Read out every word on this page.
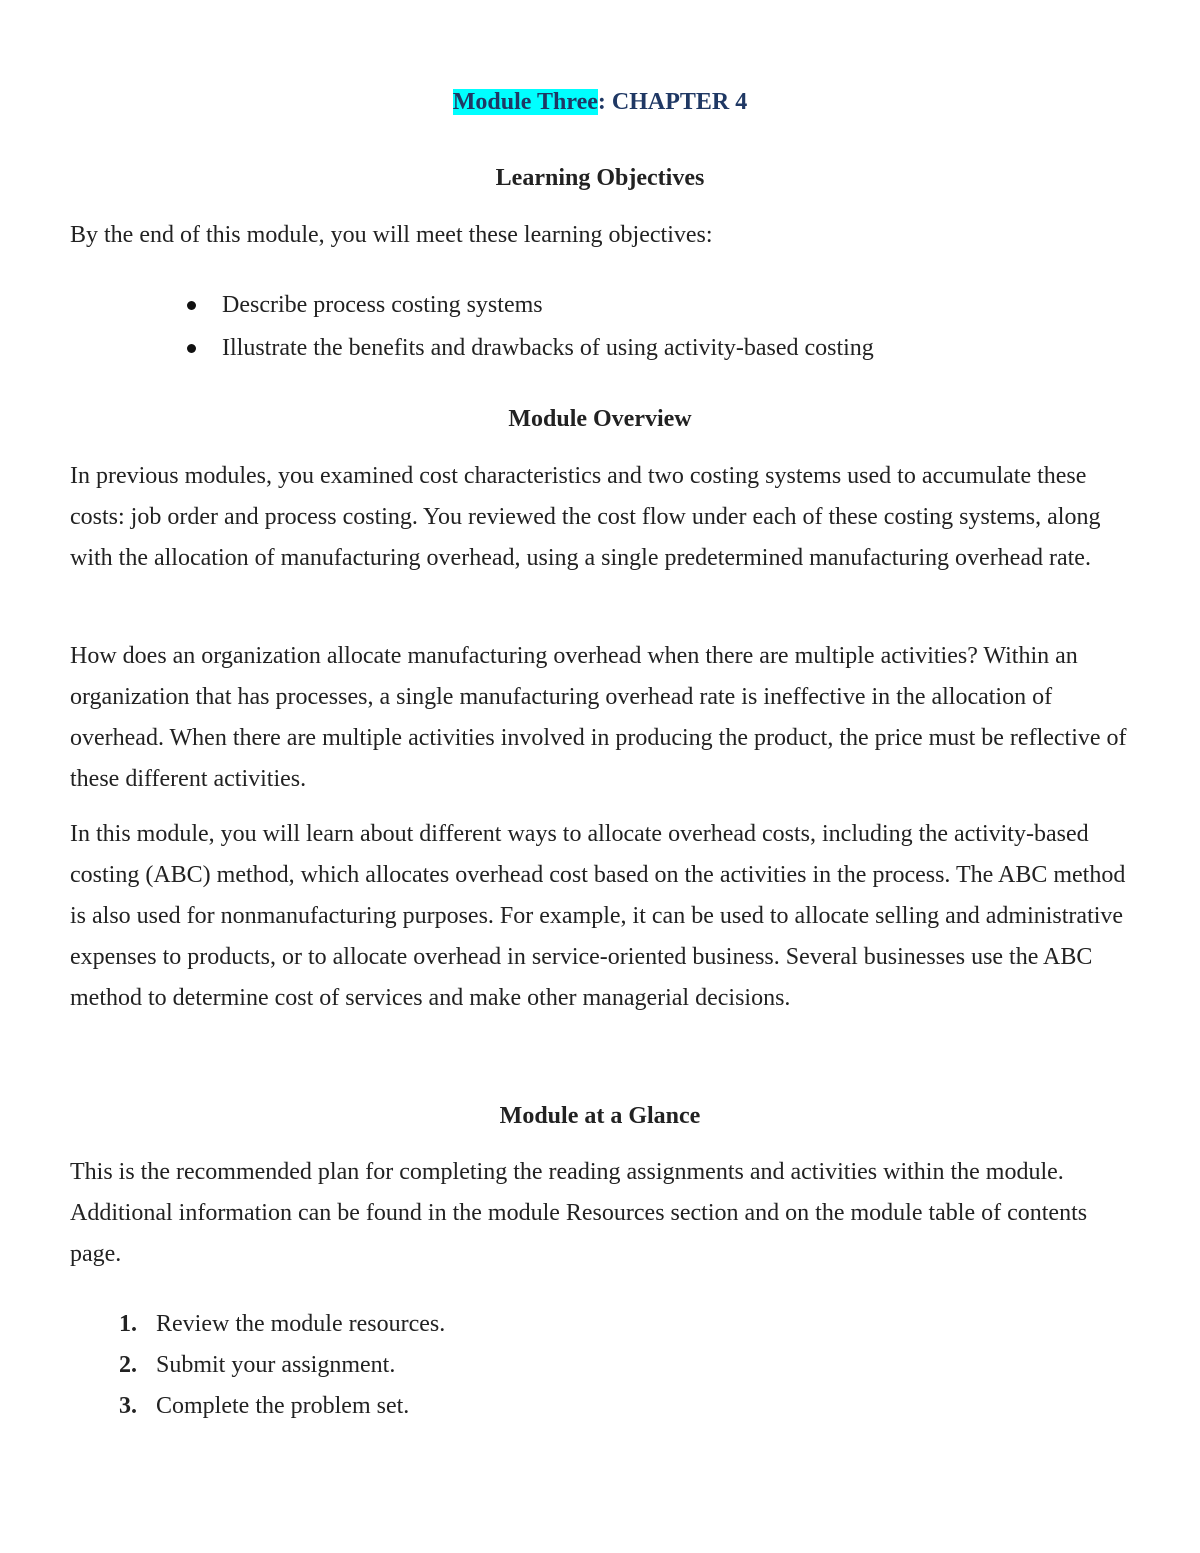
Module Three: CHAPTER 4
Learning Objectives

By the end of this module, you will meet these learning objectives:

Describe process costing systems
Illustrate the benefits and drawbacks of using activity-based costing
Module Overview

In previous modules, you examined cost characteristics and two costing systems used to accumulate these costs: job order and process costing. You reviewed the cost flow under each of these costing systems, along with the allocation of manufacturing overhead, using a single predetermined manufacturing overhead rate.

How does an organization allocate manufacturing overhead when there are multiple activities? Within an organization that has processes, a single manufacturing overhead rate is ineffective in the allocation of overhead. When there are multiple activities involved in producing the product, the price must be reflective of these different activities.

In this module, you will learn about different ways to allocate overhead costs, including the activity-based costing (ABC) method, which allocates overhead cost based on the activities in the process. The ABC method is also used for nonmanufacturing purposes. For example, it can be used to allocate selling and administrative expenses to products, or to allocate overhead in service-oriented business. Several businesses use the ABC method to determine cost of services and make other managerial decisions.

Module at a Glance

This is the recommended plan for completing the reading assignments and activities within the module. Additional information can be found in the module Resources section and on the module table of contents page.

1. Review the module resources.
2. Submit your assignment.
3. Complete the problem set.
